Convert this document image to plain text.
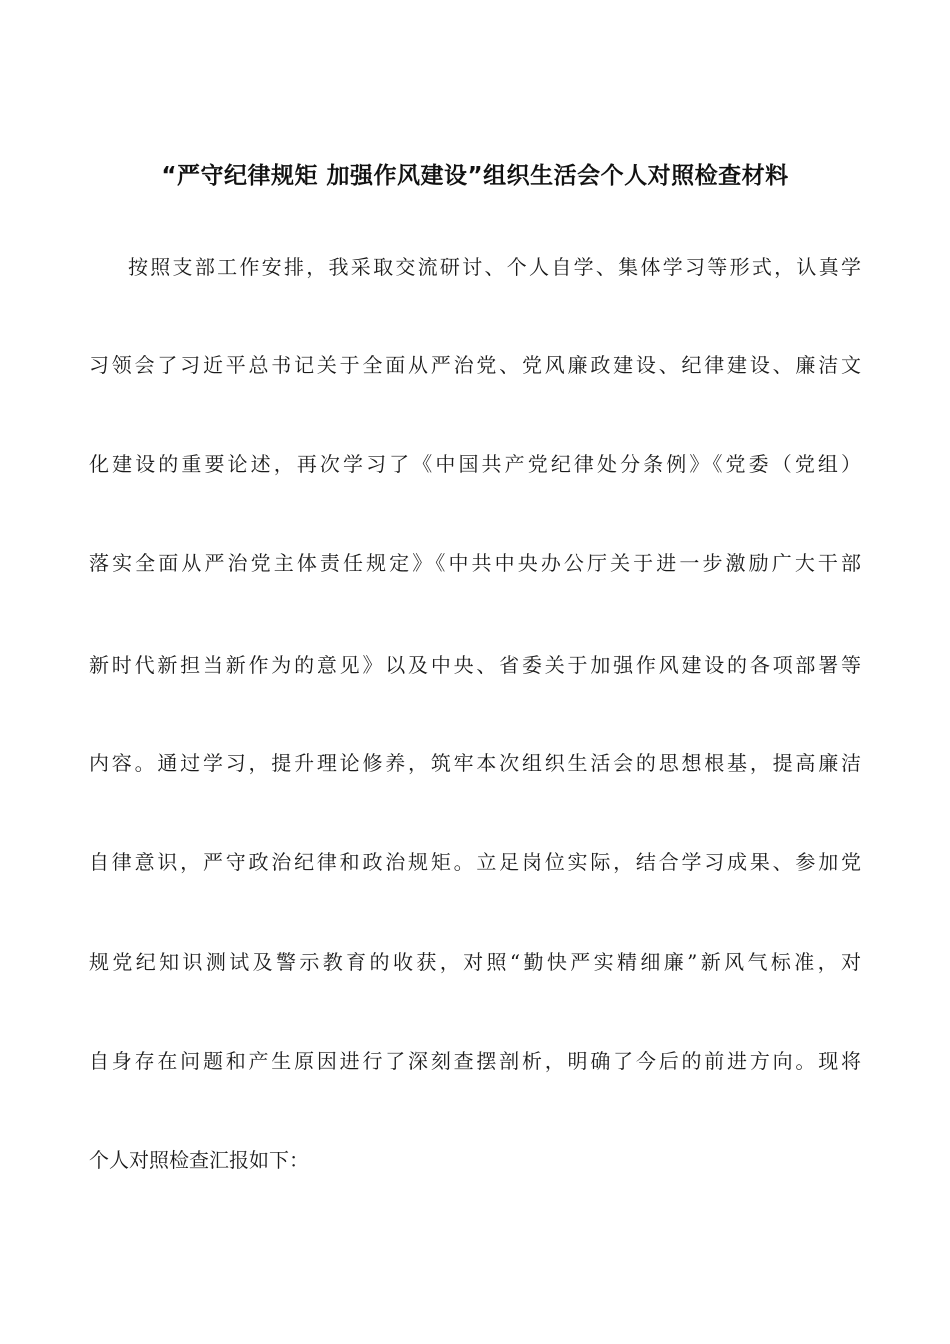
“严守纪律规矩 加强作风建设”组织生活会个人对照检查材料
按照支部工作安排，我采取交流研讨、个人自学、集体学习等形式，认真学
习领会了习近平总书记关于全面从严治党、党风廉政建设、纪律建设、廉洁文
化建设的重要论述，再次学习了《中国共产党纪律处分条例》《党委（党组）
落实全面从严治党主体责任规定》《中共中央办公厅关于进一步激励广大干部
新时代新担当新作为的意见》以及中央、省委关于加强作风建设的各项部署等
内容。通过学习，提升理论修养，筑牢本次组织生活会的思想根基，提高廉洁
自律意识，严守政治纪律和政治规矩。立足岗位实际，结合学习成果、参加党
规党纪知识测试及警示教育的收获，对照“勤快严实精细廉”新风气标准，对
自身存在问题和产生原因进行了深刻查摆剖析，明确了今后的前进方向。现将
个人对照检查汇报如下：
